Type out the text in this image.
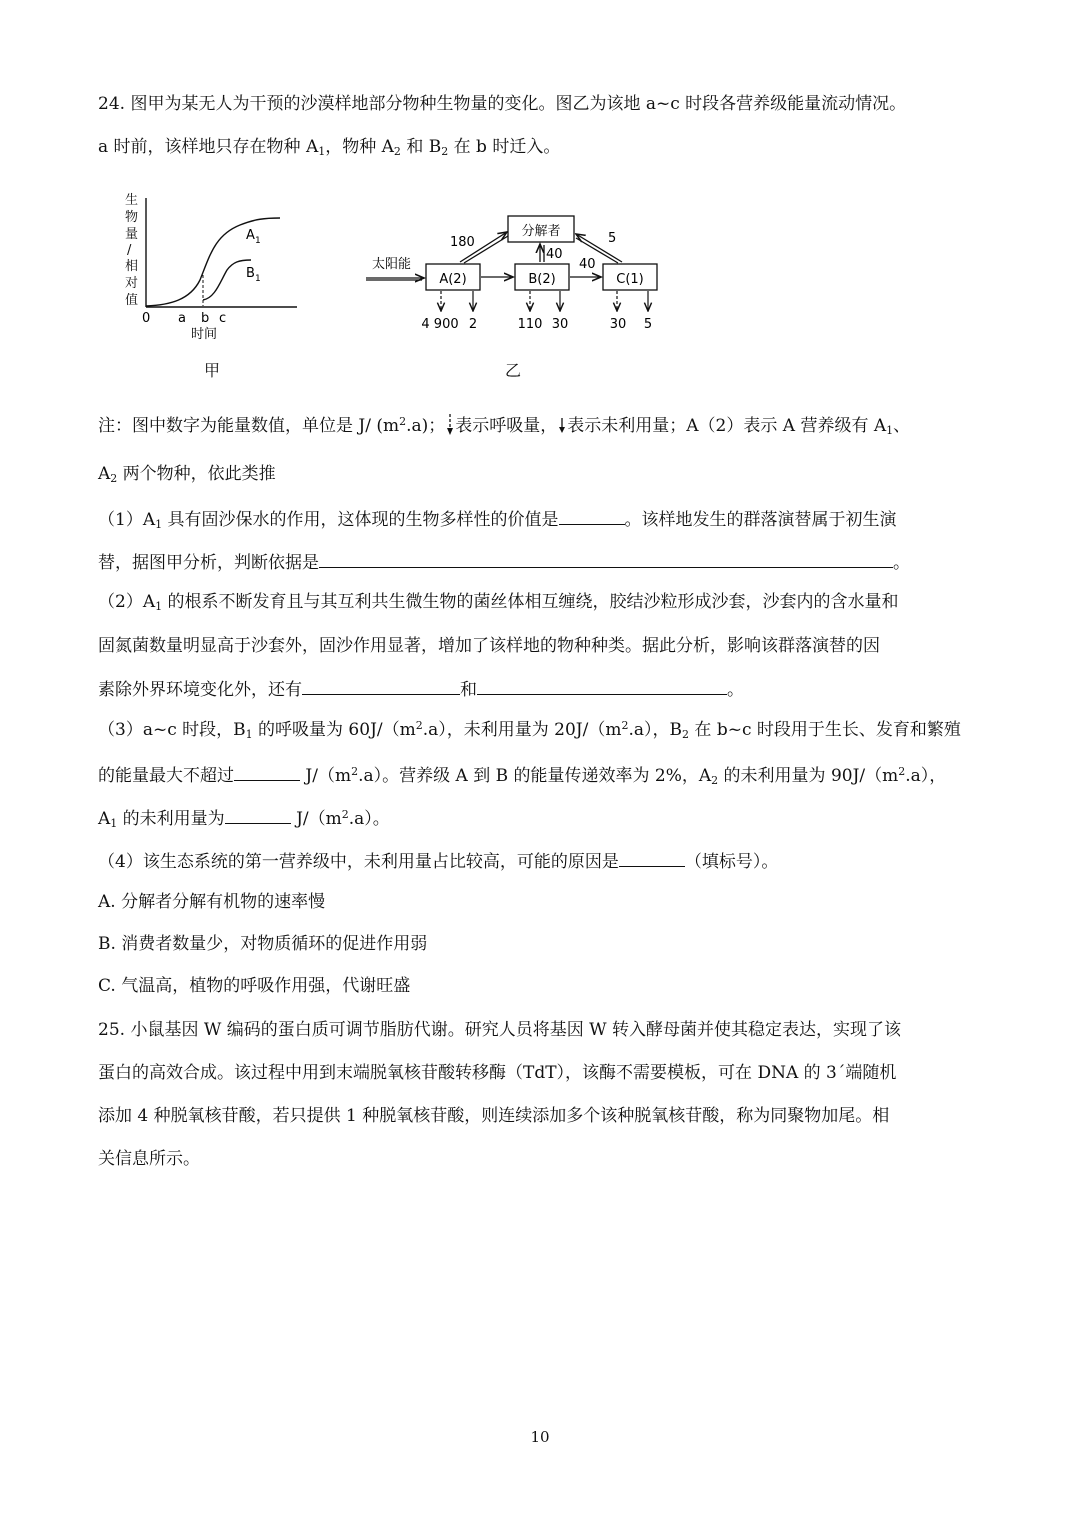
24. 图甲为某无人为干预的沙漠样地部分物种生物量的变化。图乙为该地 a~c 时段各营养级能量流动情况。
a 时前，该样地只存在物种 $A_1$，物种 $A_2$ 和 $B_2$ 在 b 时迁入。
生
物
量
/
相
对
值
A 1
B 1
0 a b c
时间
甲
分解者
A(2)	B(2)	C(1)
太阳能	40
180
40
5
4 900 2	110 30	30 5
乙
注：图中数字为能量数值，单位是 J/ $(m^2.a)$； 表示呼吸量， 表示未利用量；A（2）表示 A 营养级有 $A_1$、
$A_2$ 两个物种，依此类推
$(1)A_1$ 具有固沙保水的作用，这体现的生物多样性的价值是	。该样地发生的群落演替属于初生演
替，据图甲分析，判断依据是	。
$(2)A_1$ 的根系不断发育且与其互利共生微生物的菌丝体相互缠绕，胶结沙粒形成沙套，沙套内的含水量和
固氮菌数量明显高于沙套外，固沙作用显著，增加了该样地的物种种类。据此分析，影响该群落演替的因
素除外界环境变化外，还有	和	。
（3）a~c 时段，$B_1$ 的呼吸量为 $60J/(m^2.a)$，未利用量为 $20J/(m^2.a)$，$B_2$ 在 b~c 时段用于生长、发育和繁殖
的能量最大不超过	$J/(m^2.a)$。营养级 A 到 B 的能量传递效率为 2%，$A_2$ 的未利用量为 $90J/(m^2.a)$，
$A_1$ 的未利用量为	$J/(m^2.a)$。
（4）该生态系统的第一营养级中，未利用量占比较高，可能的原因是	（填标号）。
A. 分解者分解有机物的速率慢
B. 消费者数量少，对物质循环的促进作用弱
C. 气温高，植物的呼吸作用强，代谢旺盛
25. 小鼠基因 W 编码的蛋白质可调节脂肪代谢。研究人员将基因 W 转入酵母菌并使其稳定表达，实现了该
蛋白的高效合成。该过程中用到末端脱氧核苷酸转移酶（TdT），该酶不需要模板，可在 DNA 的 3´端随机
添加 4 种脱氧核苷酸，若只提供 1 种脱氧核苷酸，则连续添加多个该种脱氧核苷酸，称为同聚物加尾。相
关信息所示。
10
